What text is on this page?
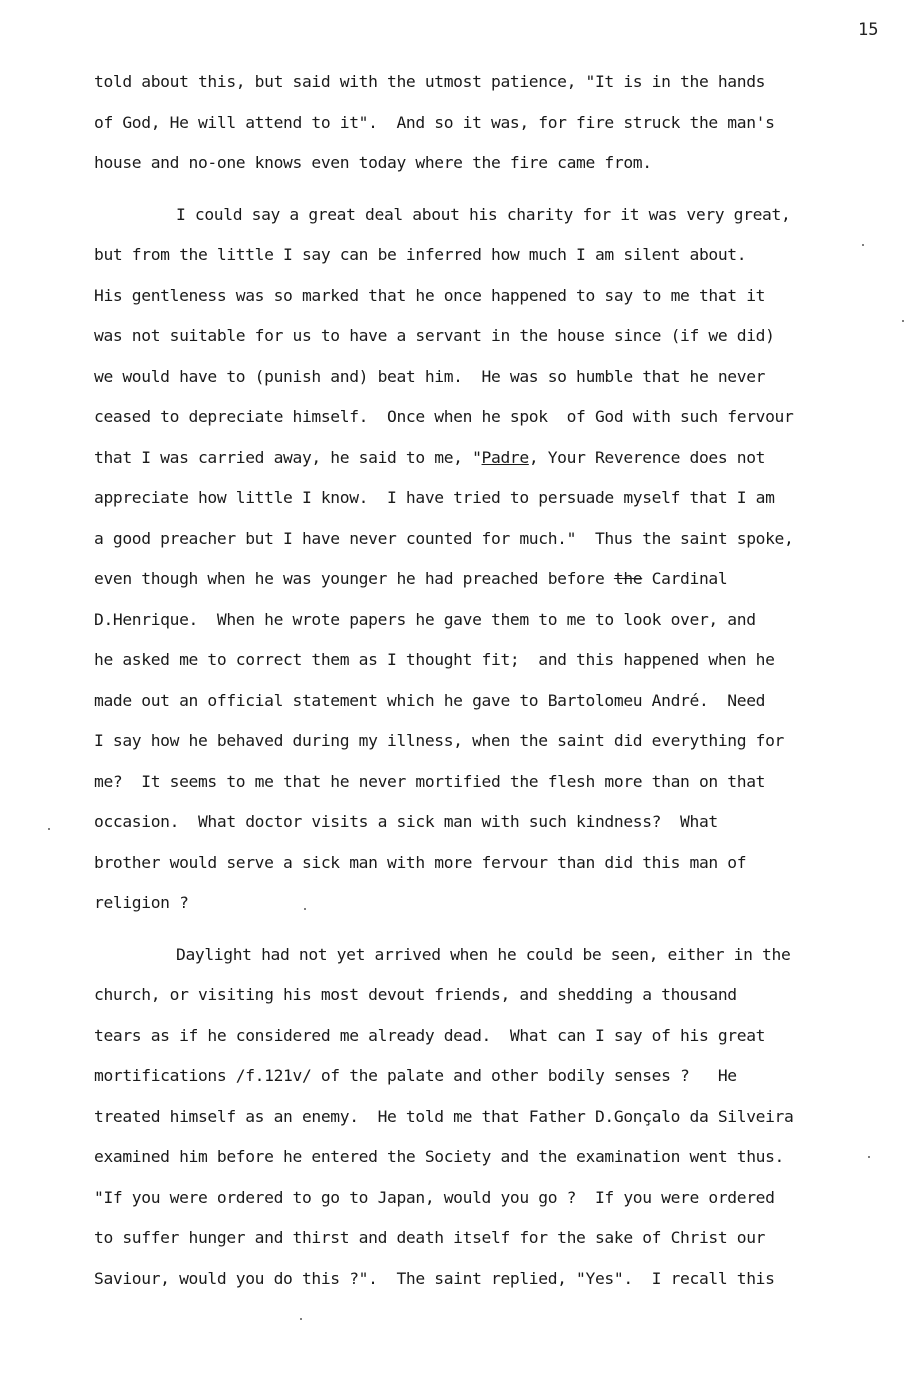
15
told about this, but said with the utmost patience, "It is in the hands
of God, He will attend to it".  And so it was, for fire struck the man's
house and no-one knows even today where the fire came from.
I could say a great deal about his charity for it was very great,
but from the little I say can be inferred how much I am silent about.
His gentleness was so marked that he once happened to say to me that it
was not suitable for us to have a servant in the house since (if we did)
we would have to (punish and) beat him.  He was so humble that he never
ceased to depreciate himself.  Once when he spok  of God with such fervour
that I was carried away, he said to me, "Padre, Your Reverence does not
appreciate how little I know.  I have tried to persuade myself that I am
a good preacher but I have never counted for much."  Thus the saint spoke,
even though when he was younger he had preached before the Cardinal
D.Henrique.  When he wrote papers he gave them to me to look over, and
he asked me to correct them as I thought fit;  and this happened when he
made out an official statement which he gave to Bartolomeu André.  Need
I say how he behaved during my illness, when the saint did everything for
me?  It seems to me that he never mortified the flesh more than on that
occasion.  What doctor visits a sick man with such kindness?  What
brother would serve a sick man with more fervour than did this man of
religion ?
Daylight had not yet arrived when he could be seen, either in the
church, or visiting his most devout friends, and shedding a thousand
tears as if he considered me already dead.  What can I say of his great
mortifications /f.121v/ of the palate and other bodily senses ?   He
treated himself as an enemy.  He told me that Father D.Gonçalo da Silveira
examined him before he entered the Society and the examination went thus.
"If you were ordered to go to Japan, would you go ?  If you were ordered
to suffer hunger and thirst and death itself for the sake of Christ our
Saviour, would you do this ?".  The saint replied, "Yes".  I recall this
